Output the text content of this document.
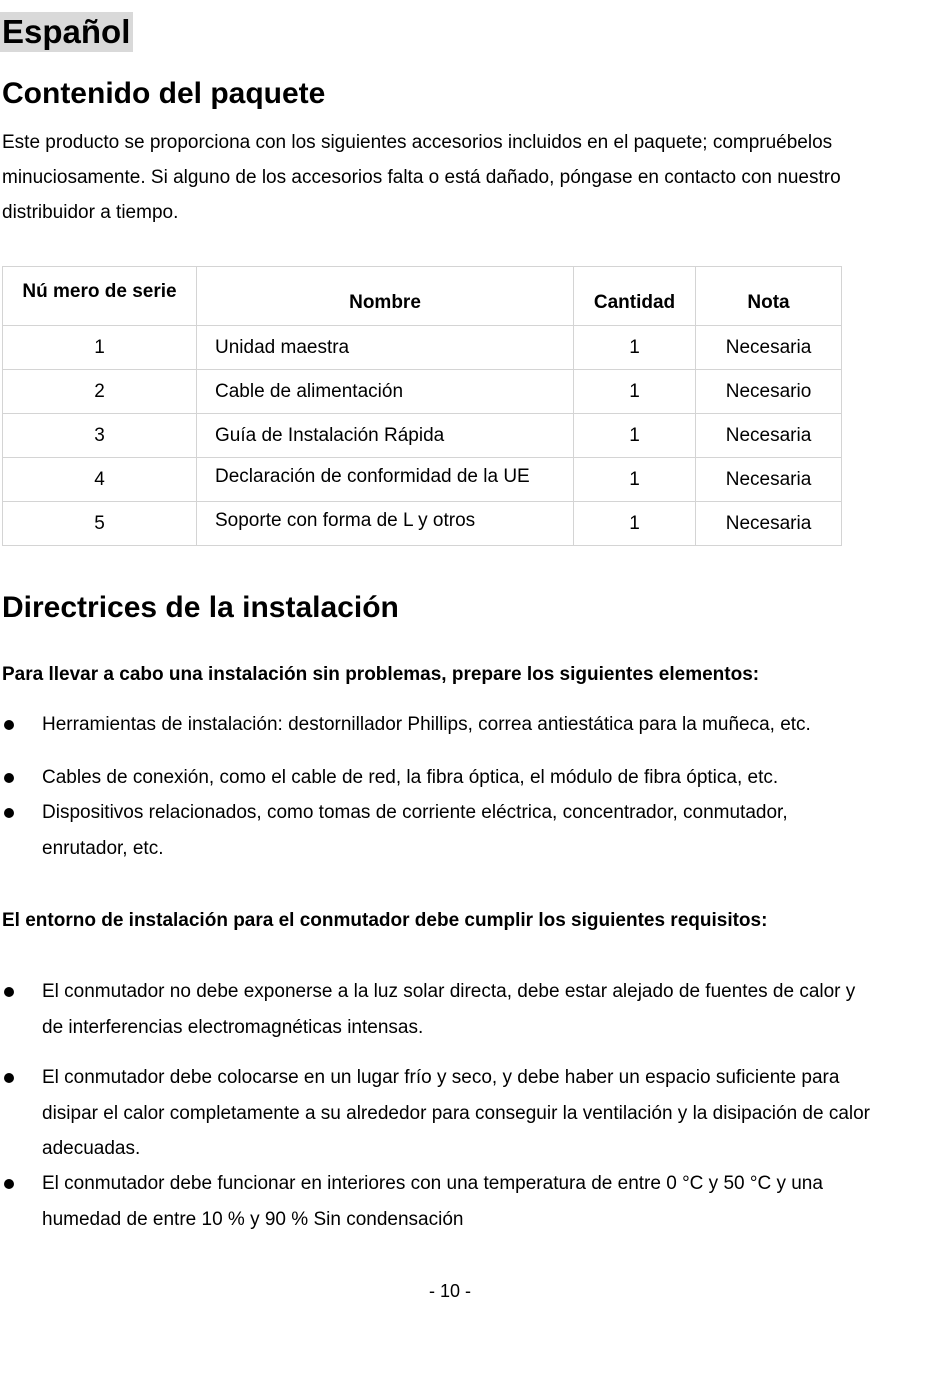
Español
Contenido del paquete

Este producto se proporciona con los siguientes accesorios incluidos en el paquete; compruébelos minuciosamente. Si alguno de los accesorios falta o está dañado, póngase en contacto con nuestro distribuidor a tiempo.

Nú mero de serie	Nombre	Cantidad	Nota
1	Unidad maestra	1	Necesaria
2	Cable de alimentación	1	Necesario
3	Guía de Instalación Rápida	1	Necesaria
4	Declaración de conformidad de la UE	1	Necesaria
5	Soporte con forma de L y otros	1	Necesaria
Directrices de la instalación

Para llevar a cabo una instalación sin problemas, prepare los siguientes elementos:

Herramientas de instalación: destornillador Phillips, correa antiestática para la muñeca, etc.

Cables de conexión, como el cable de red, la fibra óptica, el módulo de fibra óptica, etc.

Dispositivos relacionados, como tomas de corriente eléctrica, concentrador, conmutador, enrutador, etc.

El entorno de instalación para el conmutador debe cumplir los siguientes requisitos:

El conmutador no debe exponerse a la luz solar directa, debe estar alejado de fuentes de calor y de interferencias electromagnéticas intensas.

El conmutador debe colocarse en un lugar frío y seco, y debe haber un espacio suficiente para disipar el calor completamente a su alrededor para conseguir la ventilación y la disipación de calor adecuadas.

El conmutador debe funcionar en interiores con una temperatura de entre 0 °C y 50 °C y una humedad de entre 10 % y 90 % Sin condensación

- 10 -
